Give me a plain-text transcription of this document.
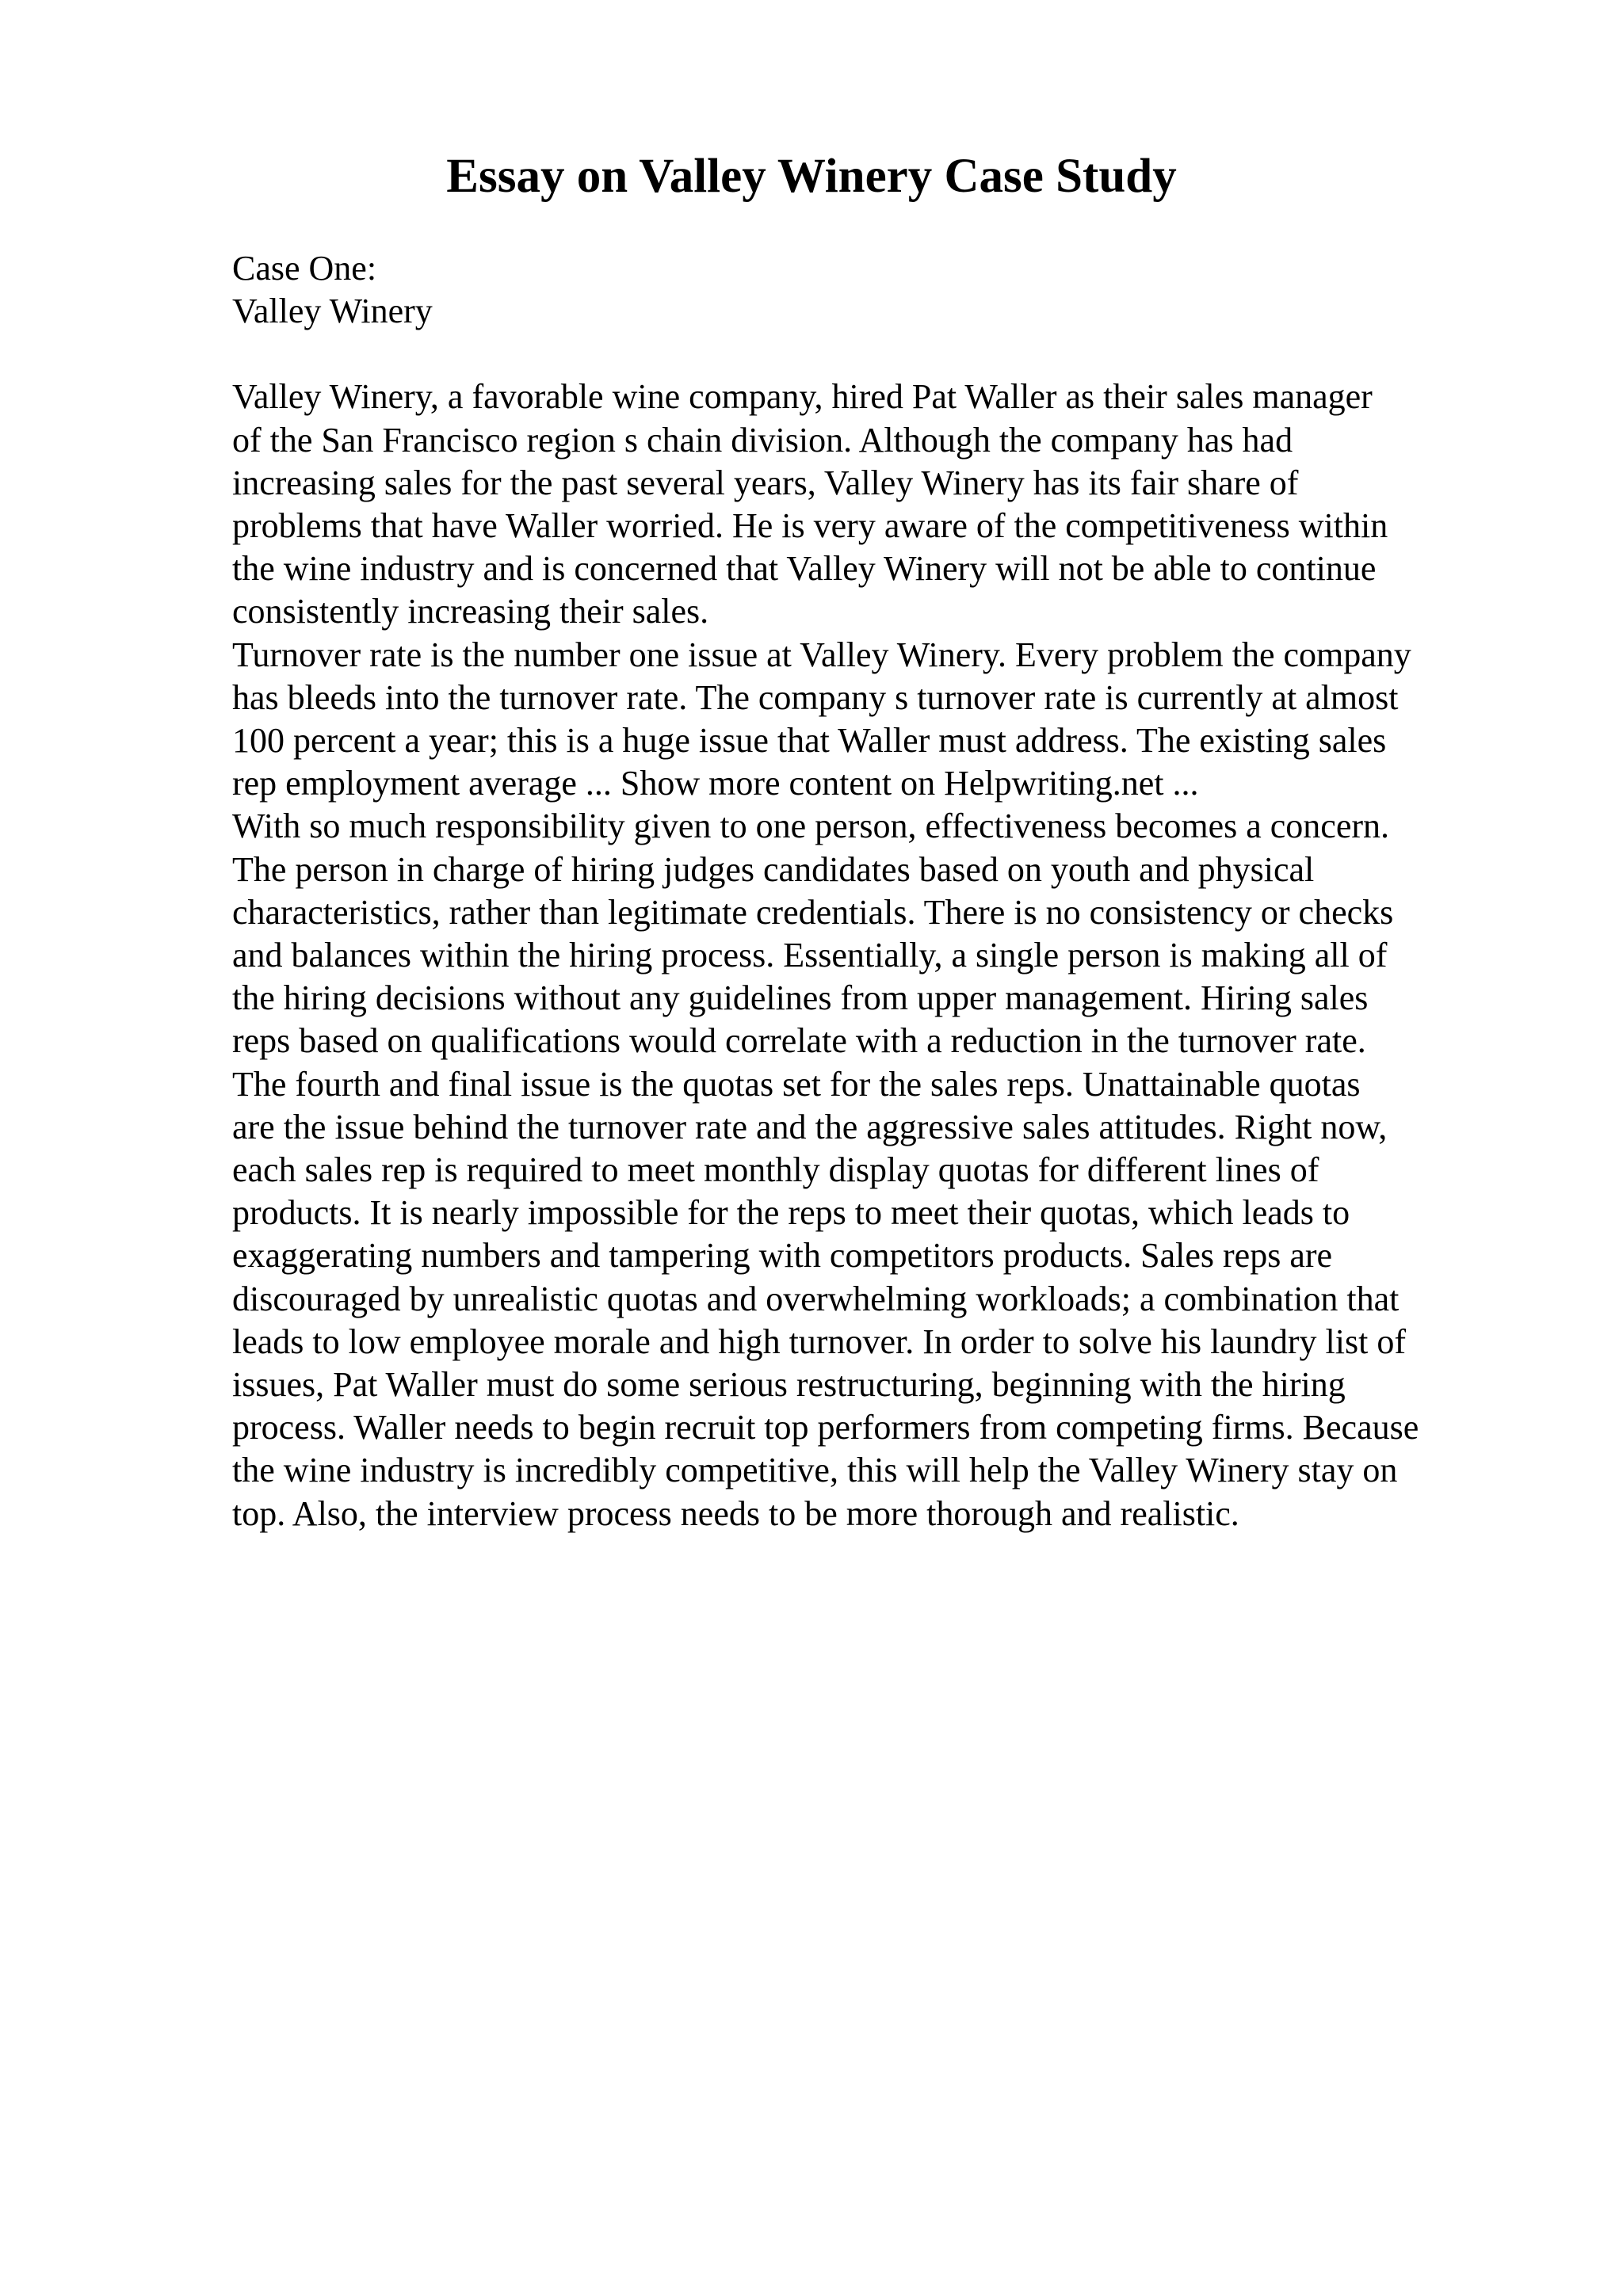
Essay on Valley Winery Case Study
Case One:
Valley Winery
Valley Winery, a favorable wine company, hired Pat Waller as their sales manager
of the San Francisco region s chain division. Although the company has had
increasing sales for the past several years, Valley Winery has its fair share of
problems that have Waller worried. He is very aware of the competitiveness within
the wine industry and is concerned that Valley Winery will not be able to continue
consistently increasing their sales.
Turnover rate is the number one issue at Valley Winery. Every problem the company
has bleeds into the turnover rate. The company s turnover rate is currently at almost
100 percent a year; this is a huge issue that Waller must address. The existing sales
rep employment average ... Show more content on Helpwriting.net ...
With so much responsibility given to one person, effectiveness becomes a concern.
The person in charge of hiring judges candidates based on youth and physical
characteristics, rather than legitimate credentials. There is no consistency or checks
and balances within the hiring process. Essentially, a single person is making all of
the hiring decisions without any guidelines from upper management. Hiring sales
reps based on qualifications would correlate with a reduction in the turnover rate.
The fourth and final issue is the quotas set for the sales reps. Unattainable quotas
are the issue behind the turnover rate and the aggressive sales attitudes. Right now,
each sales rep is required to meet monthly display quotas for different lines of
products. It is nearly impossible for the reps to meet their quotas, which leads to
exaggerating numbers and tampering with competitors products. Sales reps are
discouraged by unrealistic quotas and overwhelming workloads; a combination that
leads to low employee morale and high turnover. In order to solve his laundry list of
issues, Pat Waller must do some serious restructuring, beginning with the hiring
process. Waller needs to begin recruit top performers from competing firms. Because
the wine industry is incredibly competitive, this will help the Valley Winery stay on
top. Also, the interview process needs to be more thorough and realistic.
